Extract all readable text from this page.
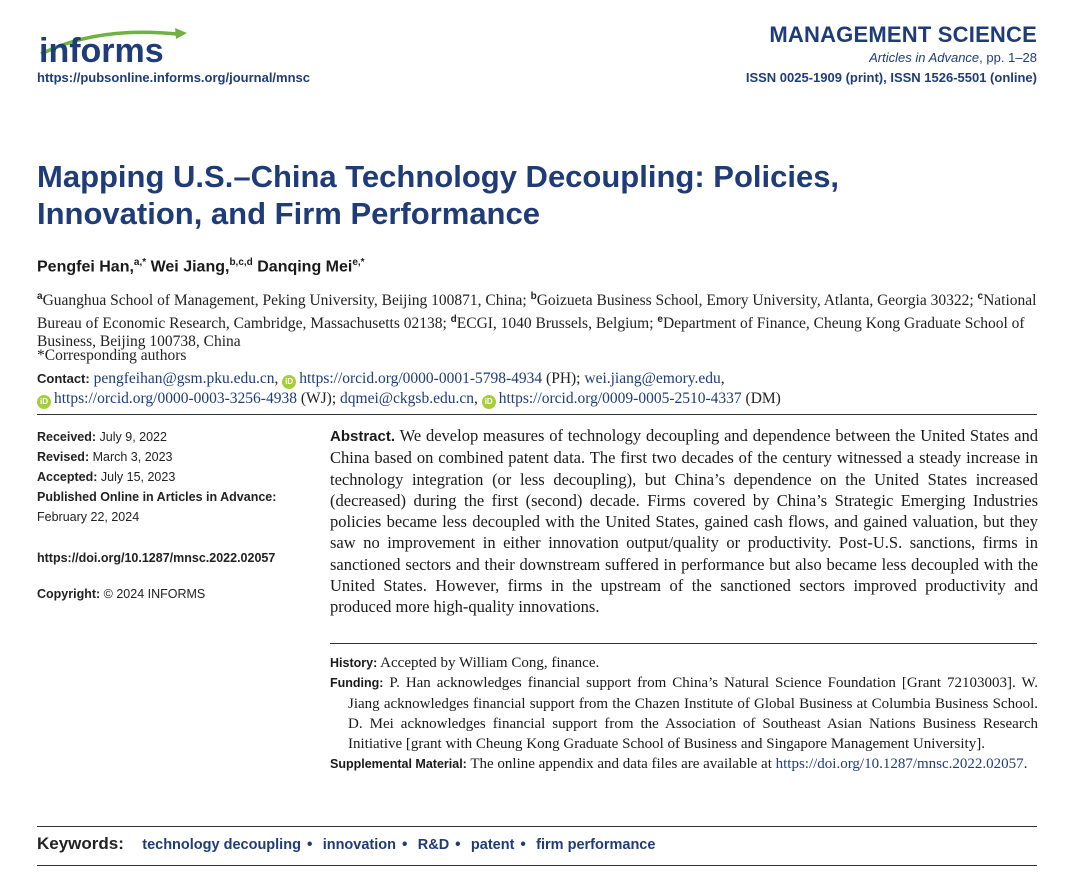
informs
https://pubsonline.informs.org/journal/mnsc
MANAGEMENT SCIENCE
Articles in Advance, pp. 1–28
ISSN 0025-1909 (print), ISSN 1526-5501 (online)
Mapping U.S.–China Technology Decoupling: Policies, Innovation, and Firm Performance
Pengfei Han,$^{a,*}$ Wei Jiang,$^{b,c,d}$ Danqing Mei$^{e,*}$
$^a$Guanghua School of Management, Peking University, Beijing 100871, China; $^b$Goizueta Business School, Emory University, Atlanta, Georgia 30322; $^c$National Bureau of Economic Research, Cambridge, Massachusetts 02138; $^d$ECGI, 1040 Brussels, Belgium; $^e$Department of Finance, Cheung Kong Graduate School of Business, Beijing 100738, China
*Corresponding authors
Contact: pengfeihan@gsm.pku.edu.cn, iD https://orcid.org/0000-0001-5798-4934 (PH); wei.jiang@emory.edu,
iD https://orcid.org/0000-0003-3256-4938 (WJ); dqmei@ckgsb.edu.cn, iD https://orcid.org/0009-0005-2510-4337 (DM)
Received: July 9, 2022
Revised: March 3, 2023
Accepted: July 15, 2023
Published Online in Articles in Advance:
February 22, 2024
https://doi.org/10.1287/mnsc.2022.02057
Copyright: © 2024 INFORMS
Abstract. We develop measures of technology decoupling and dependence between the United States and China based on combined patent data. The first two decades of the century witnessed a steady increase in technology integration (or less decoupling), but China’s dependence on the United States increased (decreased) during the first (second) decade. Firms covered by China’s Strategic Emerging Industries policies became less decoupled with the United States, gained cash flows, and gained valuation, but they saw no improvement in either innovation output/quality or productivity. Post-U.S. sanctions, firms in sanctioned sectors and their downstream suffered in performance but also became less decoupled with the United States. However, firms in the upstream of the sanctioned sectors improved productivity and produced more high-quality innovations.
History: Accepted by William Cong, finance.
Funding: P. Han acknowledges financial support from China’s Natural Science Foundation [Grant 72103003]. W. Jiang acknowledges financial support from the Chazen Institute of Global Business at Columbia Business School. D. Mei acknowledges financial support from the Association of Southeast Asian Nations Business Research Initiative [grant with Cheung Kong Graduate School of Business and Singapore Management University].
Supplemental Material: The online appendix and data files are available at https://doi.org/10.1287/mnsc.2022.02057.
Keywords: technology decoupling • innovation • R&D • patent • firm performance
